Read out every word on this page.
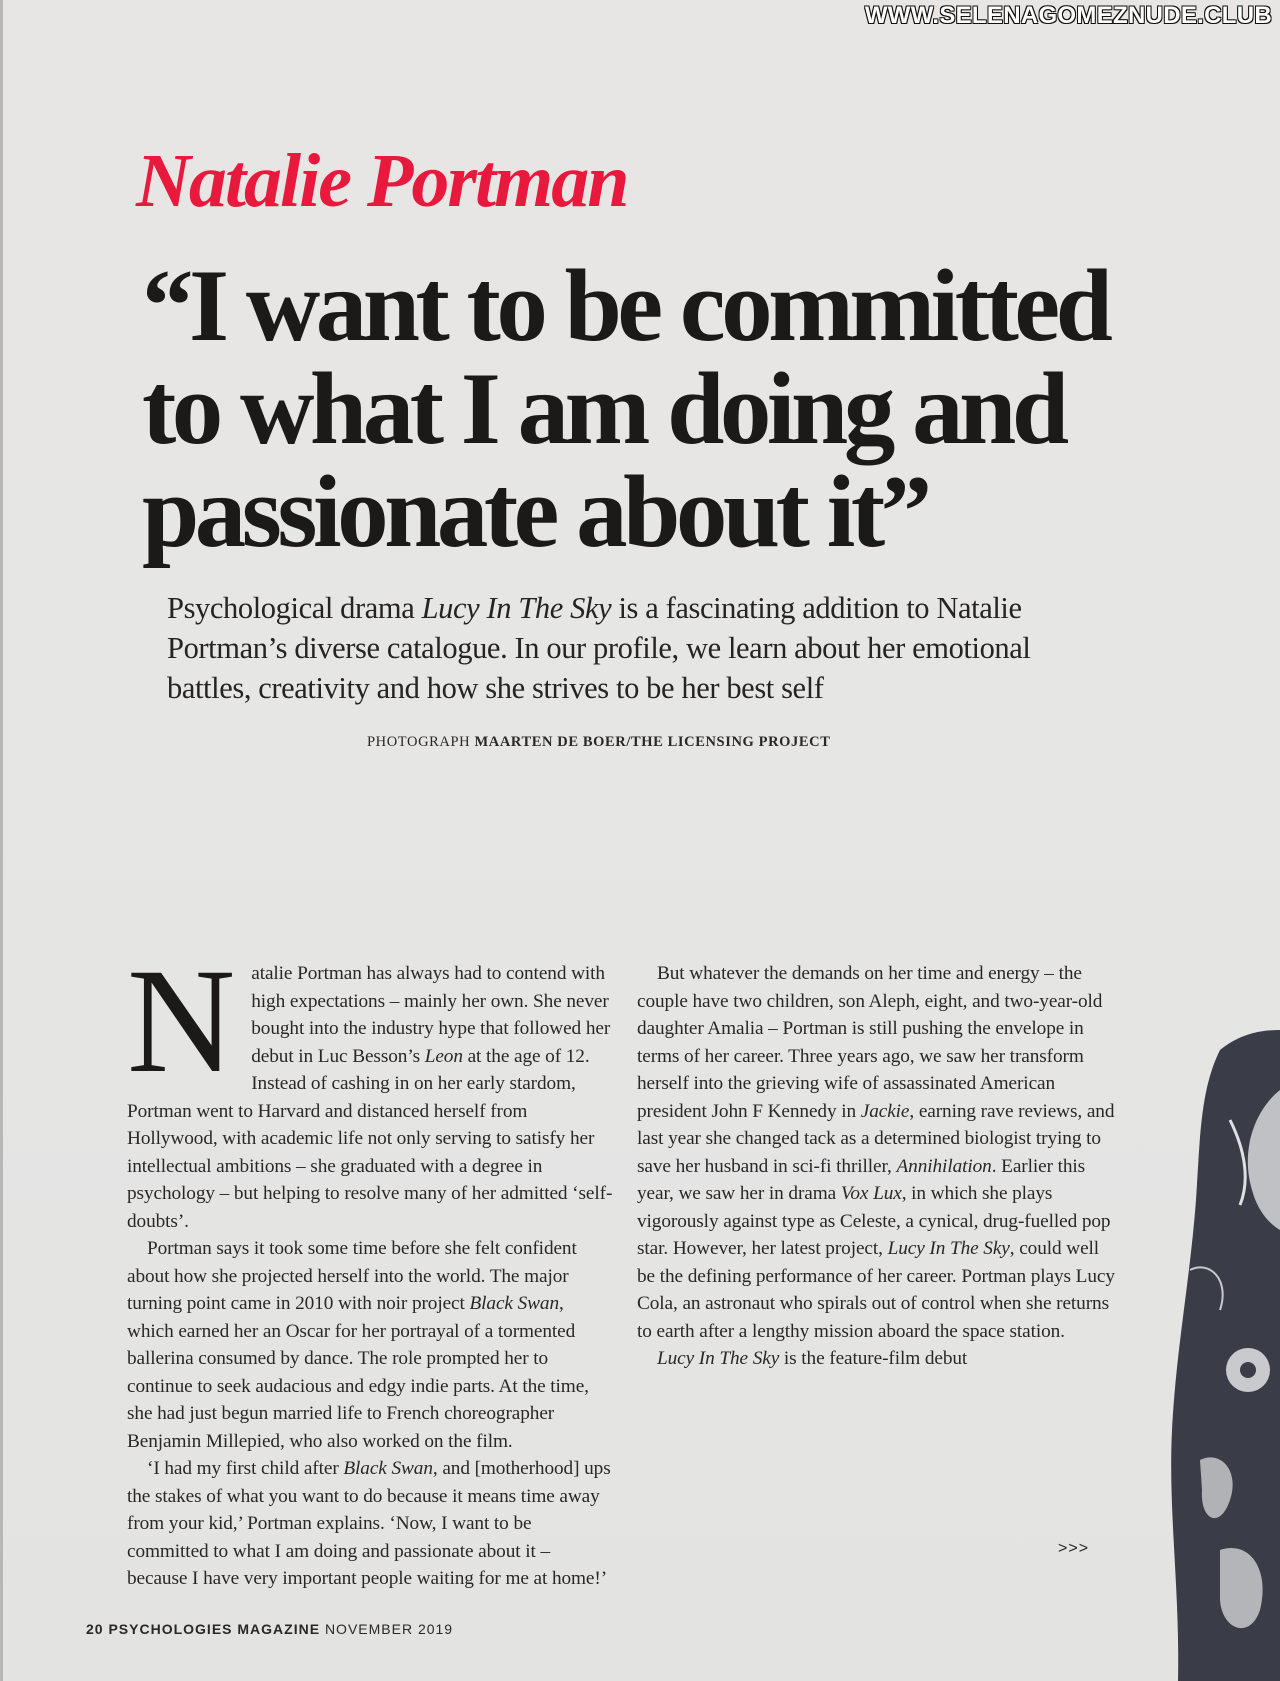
WWW.SELENAGOMEZNUDE.CLUB
Natalie Portman
“I want to be committed to what I am doing and passionate about it”

Psychological drama Lucy In The Sky is a fascinating addition to Natalie Portman’s diverse catalogue. In our profile, we learn about her emotional battles, creativity and how she strives to be her best self

PHOTOGRAPH MAARTEN DE BOER/THE LICENSING PROJECT

Natalie Portman has always had to contend with high expectations – mainly her own. She never bought into the industry hype that followed her debut in Luc Besson’s Leon at the age of 12. Instead of cashing in on her early stardom, Portman went to Harvard and distanced herself from Hollywood, with academic life not only serving to satisfy her intellectual ambitions – she graduated with a degree in psychology – but helping to resolve many of her admitted ‘self-doubts’.

Portman says it took some time before she felt confident about how she projected herself into the world. The major turning point came in 2010 with noir project Black Swan, which earned her an Oscar for her portrayal of a tormented ballerina consumed by dance. The role prompted her to continue to seek audacious and edgy indie parts. At the time, she had just begun married life to French choreographer Benjamin Millepied, who also worked on the film.

‘I had my first child after Black Swan, and [motherhood] ups the stakes of what you want to do because it means time away from your kid,’ Portman explains. ‘Now, I want to be committed to what I am doing and passionate about it – because I have very important people waiting for me at home!’

But whatever the demands on her time and energy – the couple have two children, son Aleph, eight, and two-year-old daughter Amalia – Portman is still pushing the envelope in terms of her career. Three years ago, we saw her transform herself into the grieving wife of assassinated American president John F Kennedy in Jackie, earning rave reviews, and last year she changed tack as a determined biologist trying to save her husband in sci-fi thriller, Annihilation. Earlier this year, we saw her in drama Vox Lux, in which she plays vigorously against type as Celeste, a cynical, drug-fuelled pop star. However, her latest project, Lucy In The Sky, could well be the defining performance of her career. Portman plays Lucy Cola, an astronaut who spirals out of control when she returns to earth after a lengthy mission aboard the space station.

Lucy In The Sky is the feature-film debut

>>>
20 PSYCHOLOGIES MAGAZINE NOVEMBER 2019
